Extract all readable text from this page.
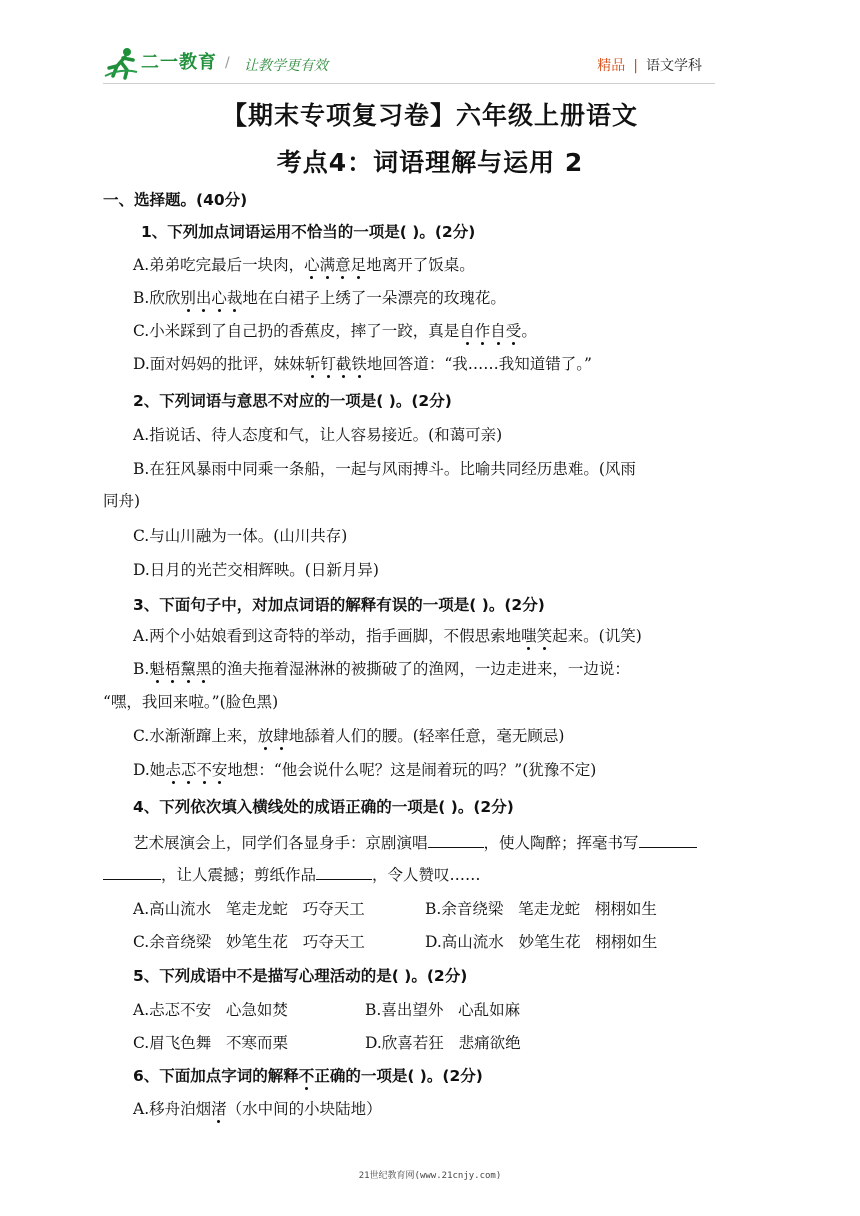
二一教育 / 让教学更有效	精品 | 语文学科
【期末专项复习卷】六年级上册语文
考点4：词语理解与运用 2
一、选择题。(40分)
1、下列加点词语运用不恰当的一项是( )。(2分)
A.弟弟吃完最后一块肉，心满意足地离开了饭桌。
B.欣欣别出心裁地在白裙子上绣了一朵漂亮的玫瑰花。
C.小米踩到了自己扔的香蕉皮，摔了一跤，真是自作自受。
D.面对妈妈的批评，妹妹斩钉截铁地回答道：“我……我知道错了。”
2、下列词语与意思不对应的一项是( )。(2分)
A.指说话、待人态度和气，让人容易接近。(和蔼可亲)
B.在狂风暴雨中同乘一条船，一起与风雨搏斗。比喻共同经历患难。(风雨
同舟)
C.与山川融为一体。(山川共存)
D.日月的光芒交相辉映。(日新月异)
3、下面句子中，对加点词语的解释有误的一项是( )。(2分)
A.两个小姑娘看到这奇特的举动，指手画脚，不假思索地嗤笑起来。(讥笑)
B.魁梧黧黑的渔夫拖着湿淋淋的被撕破了的渔网，一边走进来，一边说：
“嘿，我回来啦。”(脸色黑)
C.水渐渐蹿上来，放肆地舔着人们的腰。(轻率任意，毫无顾忌)
D.她忐忑不安地想：“他会说什么呢？这是闹着玩的吗？”(犹豫不定)
4、下列依次填入横线处的成语正确的一项是( )。(2分)
艺术展演会上，同学们各显身手：京剧演唱	，使人陶醉；挥毫书写
，让人震撼；剪纸作品	，令人赞叹……
A.高山流水 笔走龙蛇 巧夺天工	B.余音绕梁 笔走龙蛇 栩栩如生
C.余音绕梁 妙笔生花 巧夺天工	D.高山流水 妙笔生花 栩栩如生
5、下列成语中不是描写心理活动的是( )。(2分)
A.忐忑不安 心急如焚	B.喜出望外 心乱如麻
C.眉飞色舞 不寒而栗	D.欣喜若狂 悲痛欲绝
6、下面加点字词的解释不正确的一项是( )。(2分)
A.移舟泊烟渚（水中间的小块陆地）
21世纪教育网(www.21cnjy.com)
